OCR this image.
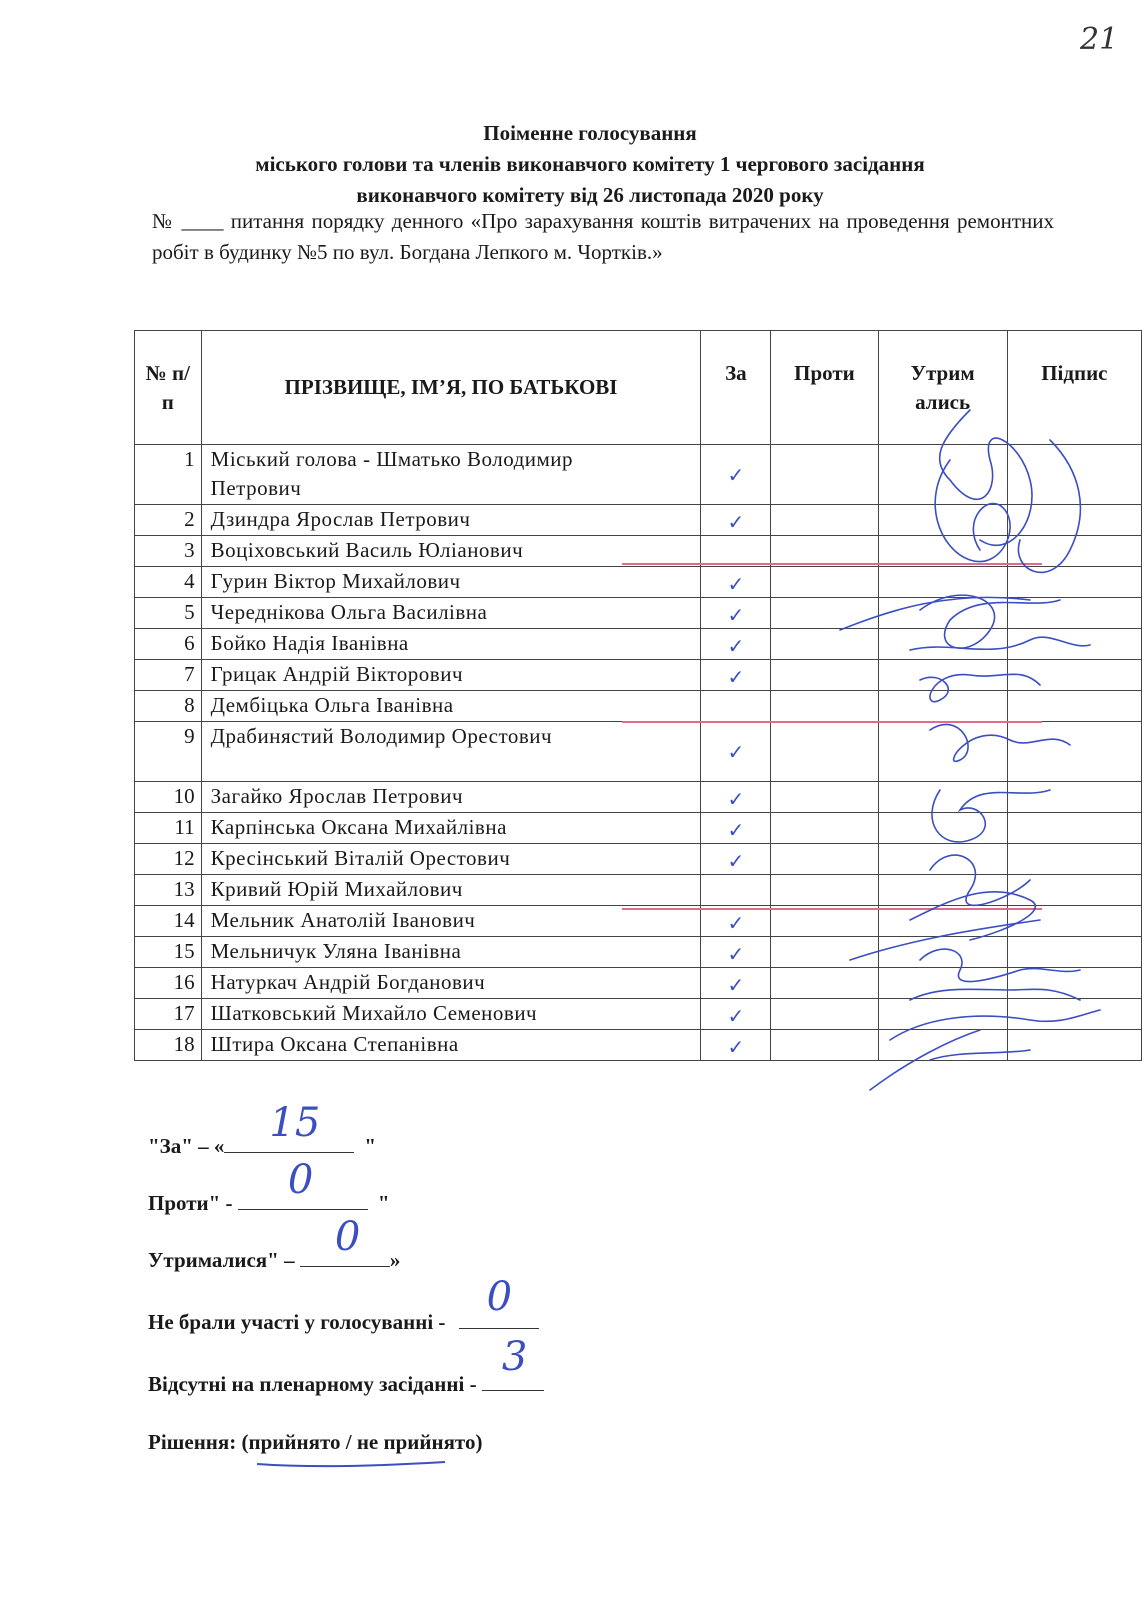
21
Поіменне голосування
міського голови та членів виконавчого комітету 1 чергового засідання
виконавчого комітету від 26 листопада 2020 року
№ ____ питання порядку денного «Про зарахування коштів витрачених на проведення ремонтних робіт в будинку №5 по вул. Богдана Лепкого м. Чортків.»
№ п/п	ПРІЗВИЩЕ, ІМ’Я, ПО БАТЬКОВІ	За	Проти	Утрим ались	Підпис
1	Міський голова - Шматько Володимир Петрович	✓			
2	Дзиндра Ярослав Петрович	✓			
3	Воціховський Василь Юліанович				
4	Гурин Віктор Михайлович	✓			
5	Череднікова Ольга Василівна	✓			
6	Бойко Надія Іванівна	✓			
7	Грицак Андрій Вікторович	✓			
8	Дембіцька Ольга Іванівна				
9	Драбинястий Володимир Орестович	✓			
10	Загайко Ярослав Петрович	✓			
11	Карпінська Оксана Михайлівна	✓			
12	Кресінський Віталій Орестович	✓			
13	Кривий Юрій Михайлович				
14	Мельник Анатолій Іванович	✓			
15	Мельничук Уляна Іванівна	✓			
16	Натуркач Андрій Богданович	✓			
17	Шатковський Михайло Семенович	✓			
18	Штира Оксана Степанівна	✓			
"За" – « 15 "
Проти" - 0	"
Утрималися" – 0 »
Не брали участі у голосуванні -
0
Відсутні на пленарному засіданні -
3
Рішення: (прийнято / не прийнято)
